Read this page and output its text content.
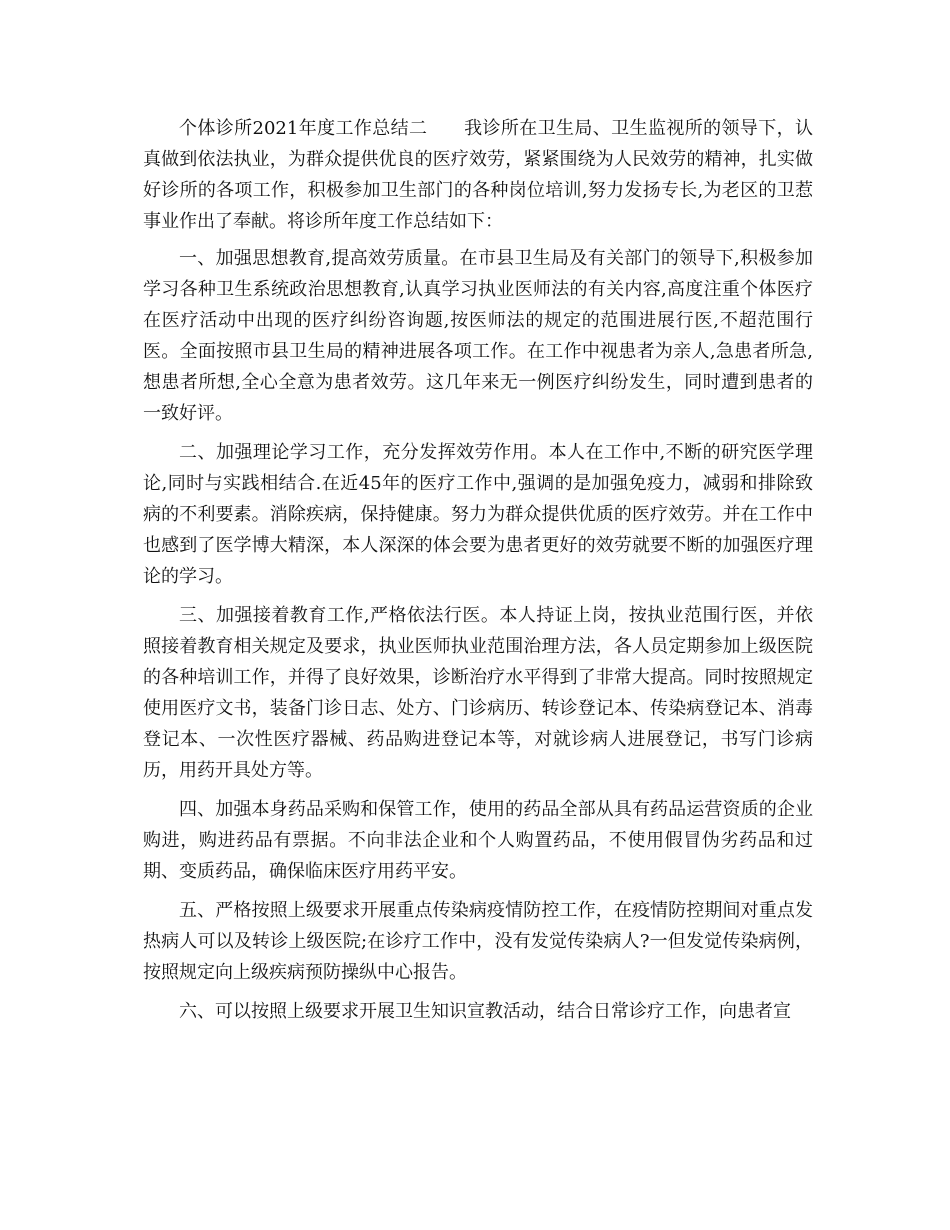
个体诊所2021年度工作总结二　　我诊所在卫生局、卫生监视所的领导下，认真做到依法执业，为群众提供优良的医疗效劳，紧紧围绕为人民效劳的精神，扎实做好诊所的各项工作，积极参加卫生部门的各种岗位培训,努力发扬专长,为老区的卫惹事业作出了奉献。将诊所年度工作总结如下：

一、加强思想教育,提高效劳质量。在市县卫生局及有关部门的领导下,积极参加学习各种卫生系统政治思想教育,认真学习执业医师法的有关内容,高度注重个体医疗在医疗活动中出现的医疗纠纷咨询题,按医师法的规定的范围进展行医,不超范围行医。全面按照市县卫生局的精神进展各项工作。在工作中视患者为亲人,急患者所急,想患者所想,全心全意为患者效劳。这几年来无一例医疗纠纷发生，同时遭到患者的一致好评。

二、加强理论学习工作，充分发挥效劳作用。本人在工作中,不断的研究医学理论,同时与实践相结合.在近45年的医疗工作中,强调的是加强免疫力，减弱和排除致病的不利要素。消除疾病，保持健康。努力为群众提供优质的医疗效劳。并在工作中也感到了医学博大精深，本人深深的体会要为患者更好的效劳就要不断的加强医疗理论的学习。

三、加强接着教育工作,严格依法行医。本人持证上岗，按执业范围行医，并依照接着教育相关规定及要求，执业医师执业范围治理方法，各人员定期参加上级医院的各种培训工作，并得了良好效果，诊断治疗水平得到了非常大提高。同时按照规定使用医疗文书，装备门诊日志、处方、门诊病历、转诊登记本、传染病登记本、消毒登记本、一次性医疗器械、药品购进登记本等，对就诊病人进展登记，书写门诊病历，用药开具处方等。

四、加强本身药品采购和保管工作，使用的药品全部从具有药品运营资质的企业购进，购进药品有票据。不向非法企业和个人购置药品，不使用假冒伪劣药品和过期、变质药品，确保临床医疗用药平安。

五、严格按照上级要求开展重点传染病疫情防控工作，在疫情防控期间对重点发热病人可以及转诊上级医院;在诊疗工作中，没有发觉传染病人?一但发觉传染病例，按照规定向上级疾病预防操纵中心报告。

六、可以按照上级要求开展卫生知识宣教活动，结合日常诊疗工作，向患者宣
